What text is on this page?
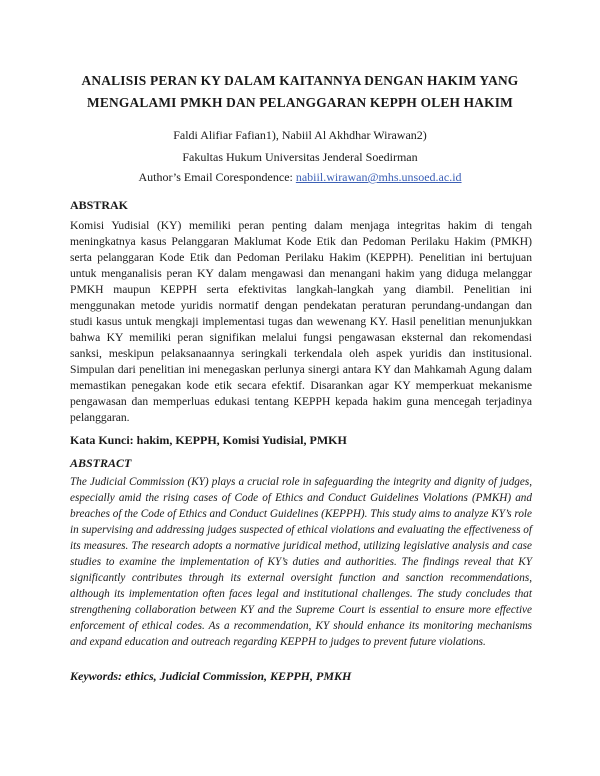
ANALISIS PERAN KY DALAM KAITANNYA DENGAN HAKIM YANG
MENGALAMI PMKH DAN PELANGGARAN KEPPH OLEH HAKIM
Faldi Alifiar Fafian1), Nabiil Al Akhdhar Wirawan2)
Fakultas Hukum Universitas Jenderal Soedirman
Author’s Email Corespondence: nabiil.wirawan@mhs.unsoed.ac.id
ABSTRAK

Komisi Yudisial (KY) memiliki peran penting dalam menjaga integritas hakim di tengah meningkatnya kasus Pelanggaran Maklumat Kode Etik dan Pedoman Perilaku Hakim (PMKH) serta pelanggaran Kode Etik dan Pedoman Perilaku Hakim (KEPPH). Penelitian ini bertujuan untuk menganalisis peran KY dalam mengawasi dan menangani hakim yang diduga melanggar PMKH maupun KEPPH serta efektivitas langkah-langkah yang diambil. Penelitian ini menggunakan metode yuridis normatif dengan pendekatan peraturan perundang-undangan dan studi kasus untuk mengkaji implementasi tugas dan wewenang KY. Hasil penelitian menunjukkan bahwa KY memiliki peran signifikan melalui fungsi pengawasan eksternal dan rekomendasi sanksi, meskipun pelaksanaannya seringkali terkendala oleh aspek yuridis dan institusional. Simpulan dari penelitian ini menegaskan perlunya sinergi antara KY dan Mahkamah Agung dalam memastikan penegakan kode etik secara efektif. Disarankan agar KY memperkuat mekanisme pengawasan dan memperluas edukasi tentang KEPPH kepada hakim guna mencegah terjadinya pelanggaran.

Kata Kunci: hakim, KEPPH, Komisi Yudisial, PMKH
ABSTRACT

The Judicial Commission (KY) plays a crucial role in safeguarding the integrity and dignity of judges, especially amid the rising cases of Code of Ethics and Conduct Guidelines Violations (PMKH) and breaches of the Code of Ethics and Conduct Guidelines (KEPPH). This study aims to analyze KY’s role in supervising and addressing judges suspected of ethical violations and evaluating the effectiveness of its measures. The research adopts a normative juridical method, utilizing legislative analysis and case studies to examine the implementation of KY’s duties and authorities. The findings reveal that KY significantly contributes through its external oversight function and sanction recommendations, although its implementation often faces legal and institutional challenges. The study concludes that strengthening collaboration between KY and the Supreme Court is essential to ensure more effective enforcement of ethical codes. As a recommendation, KY should enhance its monitoring mechanisms and expand education and outreach regarding KEPPH to judges to prevent future violations.

Keywords: ethics, Judicial Commission, KEPPH, PMKH
